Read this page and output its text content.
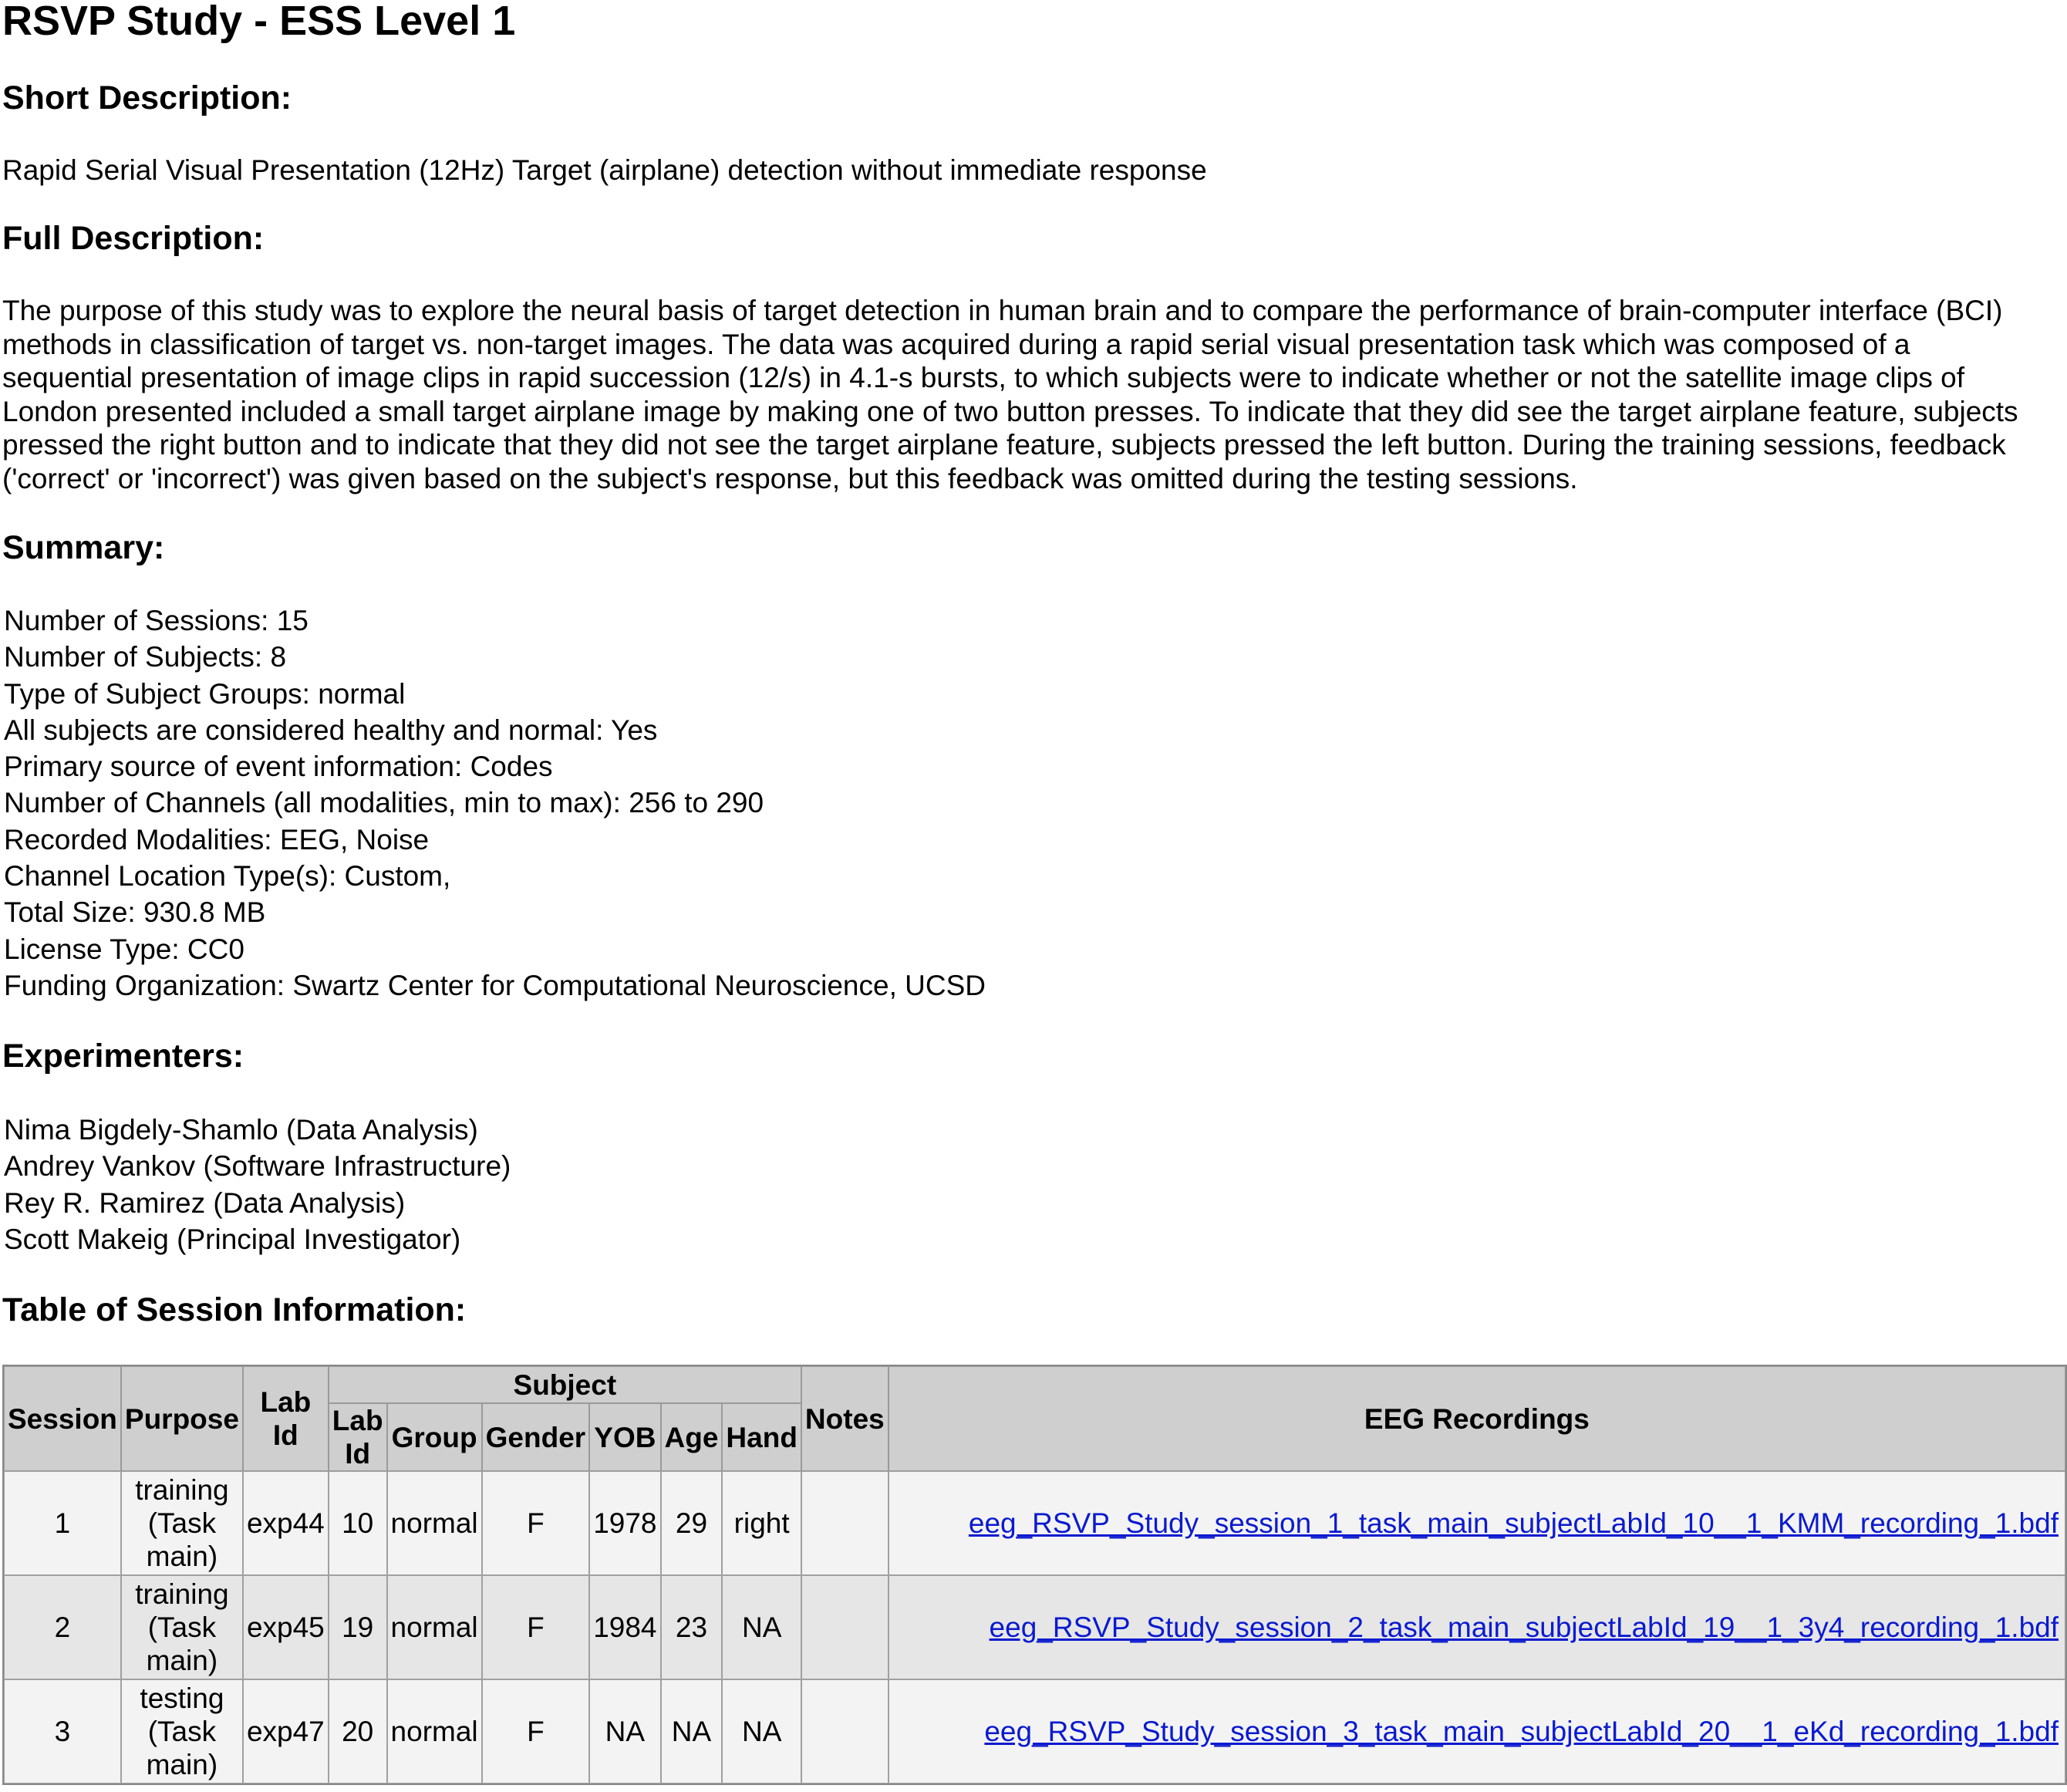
RSVP Study - ESS Level 1
Short Description:

Rapid Serial Visual Presentation (12Hz) Target (airplane) detection without immediate response

Full Description:

The purpose of this study was to explore the neural basis of target detection in human brain and to compare the performance of brain-computer interface (BCI) methods in classification of target vs. non-target images. The data was acquired during a rapid serial visual presentation task which was composed of a sequential presentation of image clips in rapid succession (12/s) in 4.1-s bursts, to which subjects were to indicate whether or not the satellite image clips of London presented included a small target airplane image by making one of two button presses. To indicate that they did see the target airplane feature, subjects pressed the right button and to indicate that they did not see the target airplane feature, subjects pressed the left button. During the training sessions, feedback ('correct' or 'incorrect') was given based on the subject's response, but this feedback was omitted during the testing sessions.

Summary:
Number of Sessions: 15
Number of Subjects: 8
Type of Subject Groups: normal
All subjects are considered healthy and normal: Yes
Primary source of event information: Codes
Number of Channels (all modalities, min to max): 256 to 290
Recorded Modalities: EEG, Noise
Channel Location Type(s): Custom,
Total Size: 930.8 MB
License Type: CC0
Funding Organization: Swartz Center for Computational Neuroscience, UCSD
Experimenters:
Nima Bigdely-Shamlo (Data Analysis)
Andrey Vankov (Software Infrastructure)
Rey R. Ramirez (Data Analysis)
Scott Makeig (Principal Investigator)
Table of Session Information:
Session	Purpose	Lab Id	Subject						Notes	EEG Recordings
			Lab Id	Group	Gender	YOB	Age	Hand		
1	training (Task main)	exp44	10	normal	F	1978	29	right		eeg_RSVP_Study_session_1_task_main_subjectLabId_10__1_KMM_recording_1.bdf
2	training (Task main)	exp45	19	normal	F	1984	23	NA		eeg_RSVP_Study_session_2_task_main_subjectLabId_19__1_3y4_recording_1.bdf
3	testing (Task main)	exp47	20	normal	F	NA	NA	NA		eeg_RSVP_Study_session_3_task_main_subjectLabId_20__1_eKd_recording_1.bdf
